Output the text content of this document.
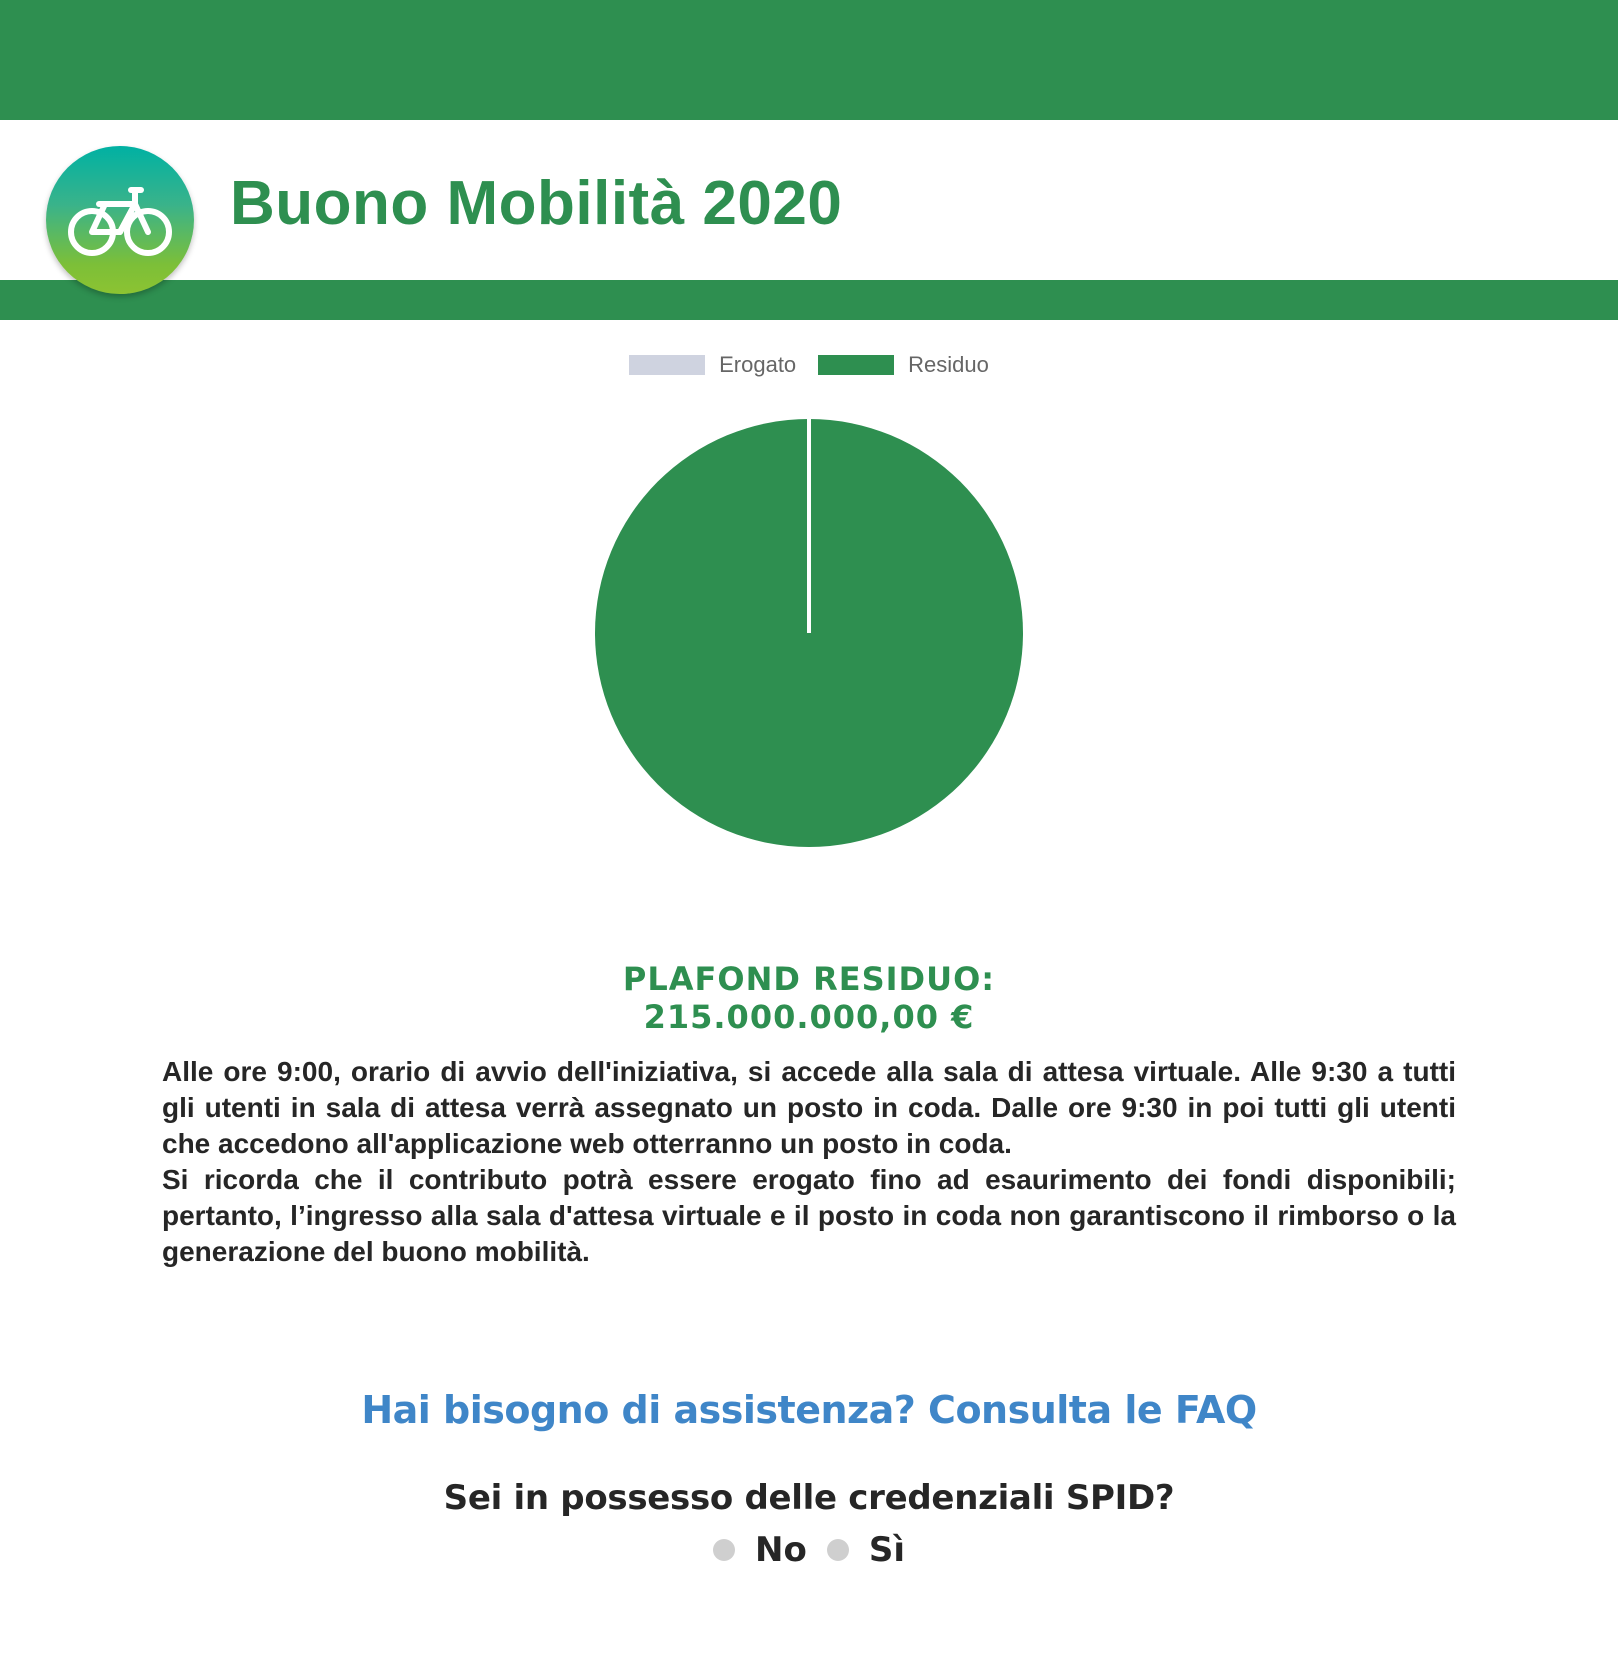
Buono Mobilità 2020
Erogato	Residuo
PLAFOND RESIDUO:
215.000.000,00 €

Alle ore 9:00, orario di avvio dell'iniziativa, si accede alla sala di attesa virtuale. Alle 9:30 a tutti gli utenti in sala di attesa verrà assegnato un posto in coda. Dalle ore 9:30 in poi tutti gli utenti che accedono all'applicazione web otterranno un posto in coda.

Si ricorda che il contributo potrà essere erogato fino ad esaurimento dei fondi disponibili; pertanto, l’ingresso alla sala d'attesa virtuale e il posto in coda non garantiscono il rimborso o la generazione del buono mobilità.

Hai bisogno di assistenza? Consulta le FAQ
Sei in possesso delle credenziali SPID?
No Sì
